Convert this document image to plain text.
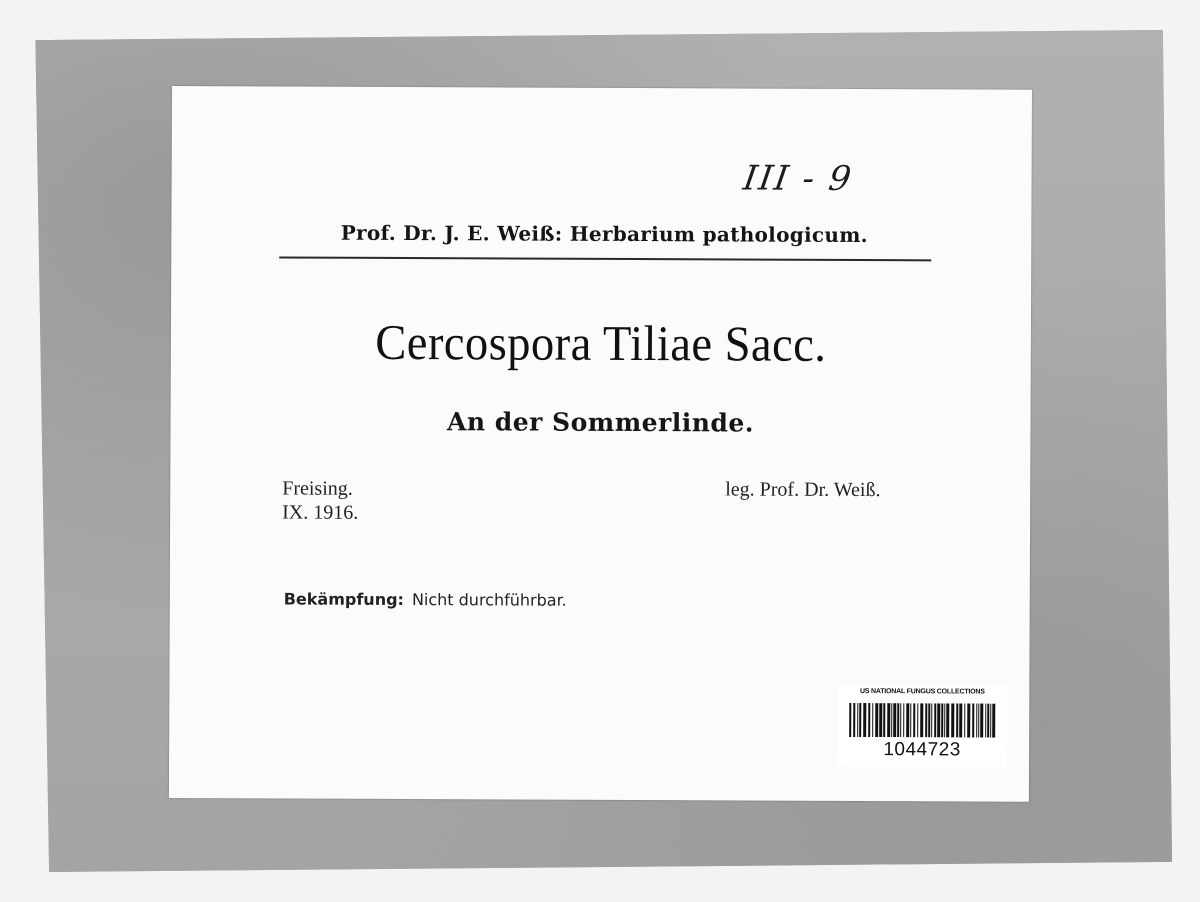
III - 9
Prof. Dr. J. E. Weiß: Herbarium pathologicum.
Cercospora Tiliae Sacc.
An der Sommerlinde.
Freising.
IX. 1916.
leg. Prof. Dr. Weiß.
Bekämpfung: Nicht durchführbar.
US NATIONAL FUNGUS COLLECTIONS
1044723
